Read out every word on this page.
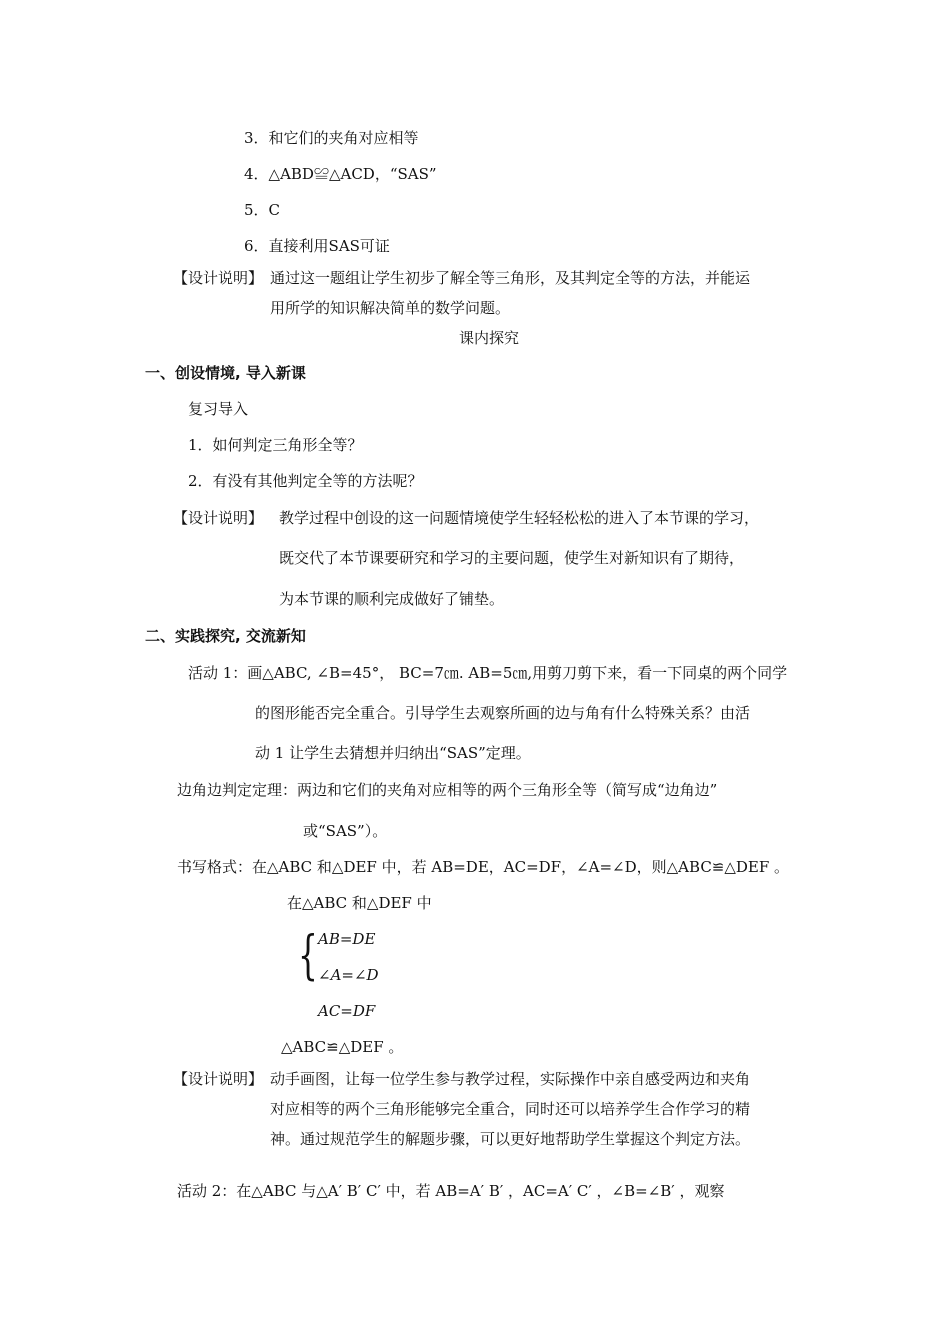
3．和它们的夹角对应相等
4．△ABD≌△ACD，“SAS”
5．C
6．直接利用SAS可证
【设计说明】 通过这一题组让学生初步了解全等三角形，及其判定全等的方法，并能运
用所学的知识解决简单的数学问题。
课内探究
一、创设情境, 导入新课
复习导入
1．如何判定三角形全等？
2．有没有其他判定全等的方法呢？
【设计说明】 教学过程中创设的这一问题情境使学生轻轻松松的进入了本节课的学习，
既交代了本节课要研究和学习的主要问题，使学生对新知识有了期待，
为本节课的顺利完成做好了铺垫。
二、实践探究, 交流新知
活动 1：画△ABC, ∠B=45°， BC=7㎝. AB=5㎝,用剪刀剪下来，看一下同桌的两个同学
的图形能否完全重合。引导学生去观察所画的边与角有什么特殊关系？由活
动 1 让学生去猜想并归纳出“SAS”定理。
边角边判定定理：两边和它们的夹角对应相等的两个三角形全等（简写成“边角边”
或“SAS”）。
书写格式：在△ABC 和△DEF 中，若 AB=DE，AC=DF，∠A=∠D，则△ABC≌△DEF 。
在△ABC 和△DEF 中
{ AB=DE
∠A=∠D
AC=DF
△ABC≌△DEF 。
【设计说明】 动手画图，让每一位学生参与教学过程，实际操作中亲自感受两边和夹角
对应相等的两个三角形能够完全重合，同时还可以培养学生合作学习的精
神。通过规范学生的解题步骤，可以更好地帮助学生掌握这个判定方法。
活动 2：在△ABC 与△A′ B′ C′ 中，若 AB=A′ B′ ，AC=A′ C′ ，∠B=∠B′ ，观察
